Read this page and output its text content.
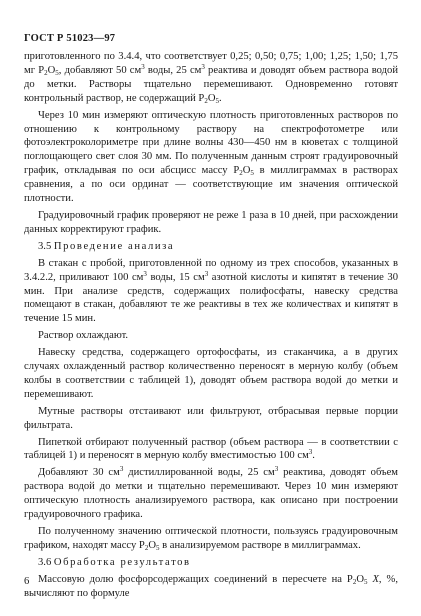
ГОСТ Р 51023—97

приготовленного по 3.4.4, что соответствует 0,25; 0,50; 0,75; 1,00; 1,25; 1,50; 1,75 мг $P_2O_5$, добавляют 50 $см^3$ воды, 25 $см^3$ реактива и доводят объем раствора водой до метки. Растворы тщательно перемешивают. Одновременно готовят контрольный раствор, не содержащий $P_2O_5$.

Через 10 мин измеряют оптическую плотность приготовленных растворов по отношению к контрольному раствору на спектрофотометре или фотоэлектроколориметре при длине волны 430—450 нм в кюветах с толщиной поглощающего свет слоя 30 мм. По полученным данным строят градуировочный график, откладывая по оси абсцисс массу $P_2O_5$ в миллиграммах в растворах сравнения, а по оси ординат — соответствующие им значения оптической плотности.

Градуировочный график проверяют не реже 1 раза в 10 дней, при расхождении данных корректируют график.

3.5 Проведение анализа

В стакан с пробой, приготовленной по одному из трех способов, указанных в 3.4.2.2, приливают 100 $см^3$ воды, 15 $см^3$ азотной кислоты и кипятят в течение 30 мин. При анализе средств, содержащих полифосфаты, навеску средства помещают в стакан, добавляют те же реактивы в тех же количествах и кипятят в течение 15 мин.

Раствор охлаждают.

Навеску средства, содержащего ортофосфаты, из стаканчика, а в других случаях охлажденный раствор количественно переносят в мерную колбу (объем колбы в соответствии с таблицей 1), доводят объем раствора водой до метки и перемешивают.

Мутные растворы отстаивают или фильтруют, отбрасывая первые порции фильтрата.

Пипеткой отбирают полученный раствор (объем раствора — в соответствии с таблицей 1) и переносят в мерную колбу вместимостью 100 $см^3$.

Добавляют 30 $см^3$ дистиллированной воды, 25 $см^3$ реактива, доводят объем раствора водой до метки и тщательно перемешивают. Через 10 мин измеряют оптическую плотность анализируемого раствора, как описано при построении градуировочного графика.

По полученному значению оптической плотности, пользуясь градуировочным графиком, находят массу $P_2O_5$ в анализируемом растворе в миллиграммах.

3.6 Обработка результатов

Массовую долю фосфорсодержащих соединений в пересчете на $P_2O_5$ X, %, вычисляют по формуле

6
